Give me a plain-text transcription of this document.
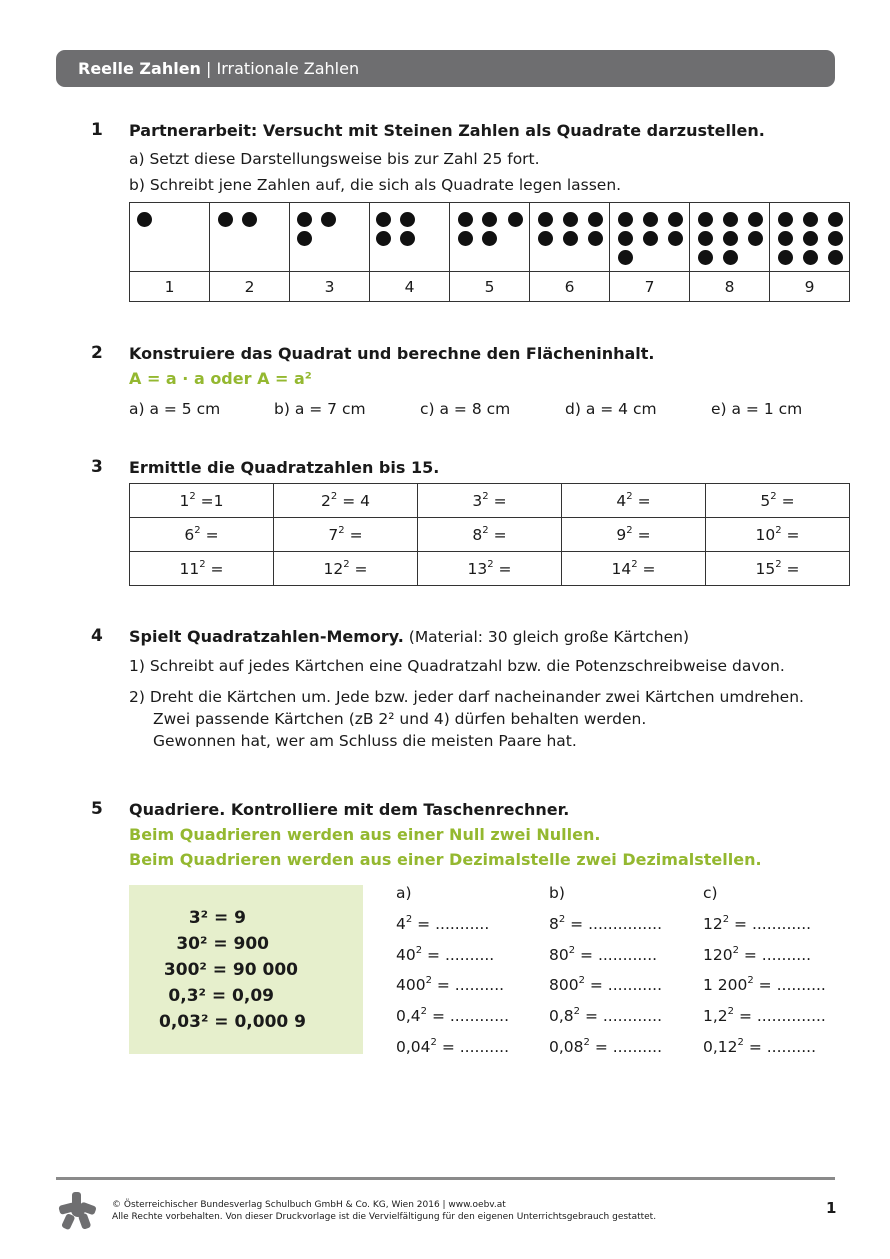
Reelle Zahlen | Irrationale Zahlen
1 Partnerarbeit: Versucht mit Steinen Zahlen als Quadrate darzustellen.
a) Setzt diese Darstellungsweise bis zur Zahl 25 fort.
b) Schreibt jene Zahlen auf, die sich als Quadrate legen lassen.

1	2	3	4	5	6	7	8	9
2 Konstruiere das Quadrat und berechne den Flächeninhalt.
A = a · a oder A = a²
a) a = 5 cm	b) a = 7 cm	c) a = 8 cm	d) a = 4 cm	e) a = 1 cm
3 Ermittle die Quadratzahlen bis 15.
$1^2 =1$	$2^2 = 4$	$3^2$ =	$4^2$ =	$5^2$ =
$6^2$ =	$7^2$ =	$8^2$ =	$9^2$ =	$10^2$ =
$11^2$ =	$12^2$ =	$13^2$ =	$14^2$ =	$15^2$ =
4 Spielt Quadratzahlen-Memory. (Material: 30 gleich große Kärtchen)
1) Schreibt auf jedes Kärtchen eine Quadratzahl bzw. die Potenzschreibweise davon.
2) Dreht die Kärtchen um. Jede bzw. jeder darf nacheinander zwei Kärtchen umdrehen.
Zwei passende Kärtchen (zB 2² und 4) dürfen behalten werden.
Gewonnen hat, wer am Schluss die meisten Paare hat.
5 Quadriere. Kontrolliere mit dem Taschenrechner.
Beim Quadrieren werden aus einer Null zwei Nullen.
Beim Quadrieren werden aus einer Dezimalstelle zwei Dezimalstellen.
3² = 9
30² = 900
300² = 90 000
0,3² = 0,09
0,03² = 0,000 9
a)
$4^2$ = ...........
$40^2$ = ..........
$400^2$ = ..........
$0,4^2$ = ............
$0,04^2$ = ..........
b)
$8^2$ = ...............
$80^2$ = ............
$800^2$ = ...........
$0,8^2$ = ............
$0,08^2$ = ..........
c)
$12^2$ = ............
$120^2$ = ..........
1 $200^2$ = ..........
$1,2^2$ = ..............
$0,12^2$ = ..........
© Österreichischer Bundesverlag Schulbuch GmbH & Co. KG, Wien 2016 | www.oebv.at
Alle Rechte vorbehalten. Von dieser Druckvorlage ist die Vervielfältigung für den eigenen Unterrichtsgebrauch gestattet.	1
